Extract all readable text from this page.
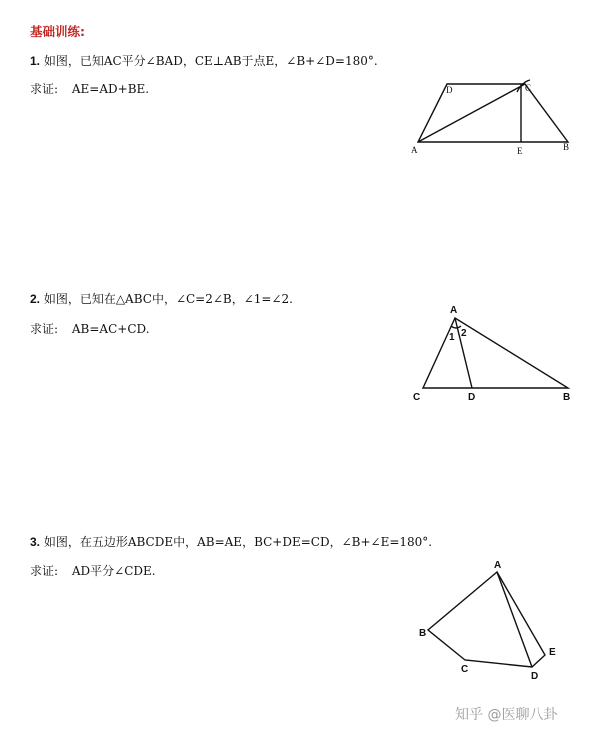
基础训练:
1. 如图，已知AC平分∠BAD，CE⊥AB于点E，∠B+∠D=180°.
求证: AE=AD+BE.
A	B
C
D
E
2. 如图，已知在△ABC中，∠C=2∠B，∠1=∠2.
求证: AB=AC+CD.
A
B
C	D
1 2
3. 如图，在五边形ABCDE中，AB=AE，BC+DE=CD，∠B+∠E=180°.
求证: AD平分∠CDE.	A
B
C
D
E
知乎 @医聊八卦
